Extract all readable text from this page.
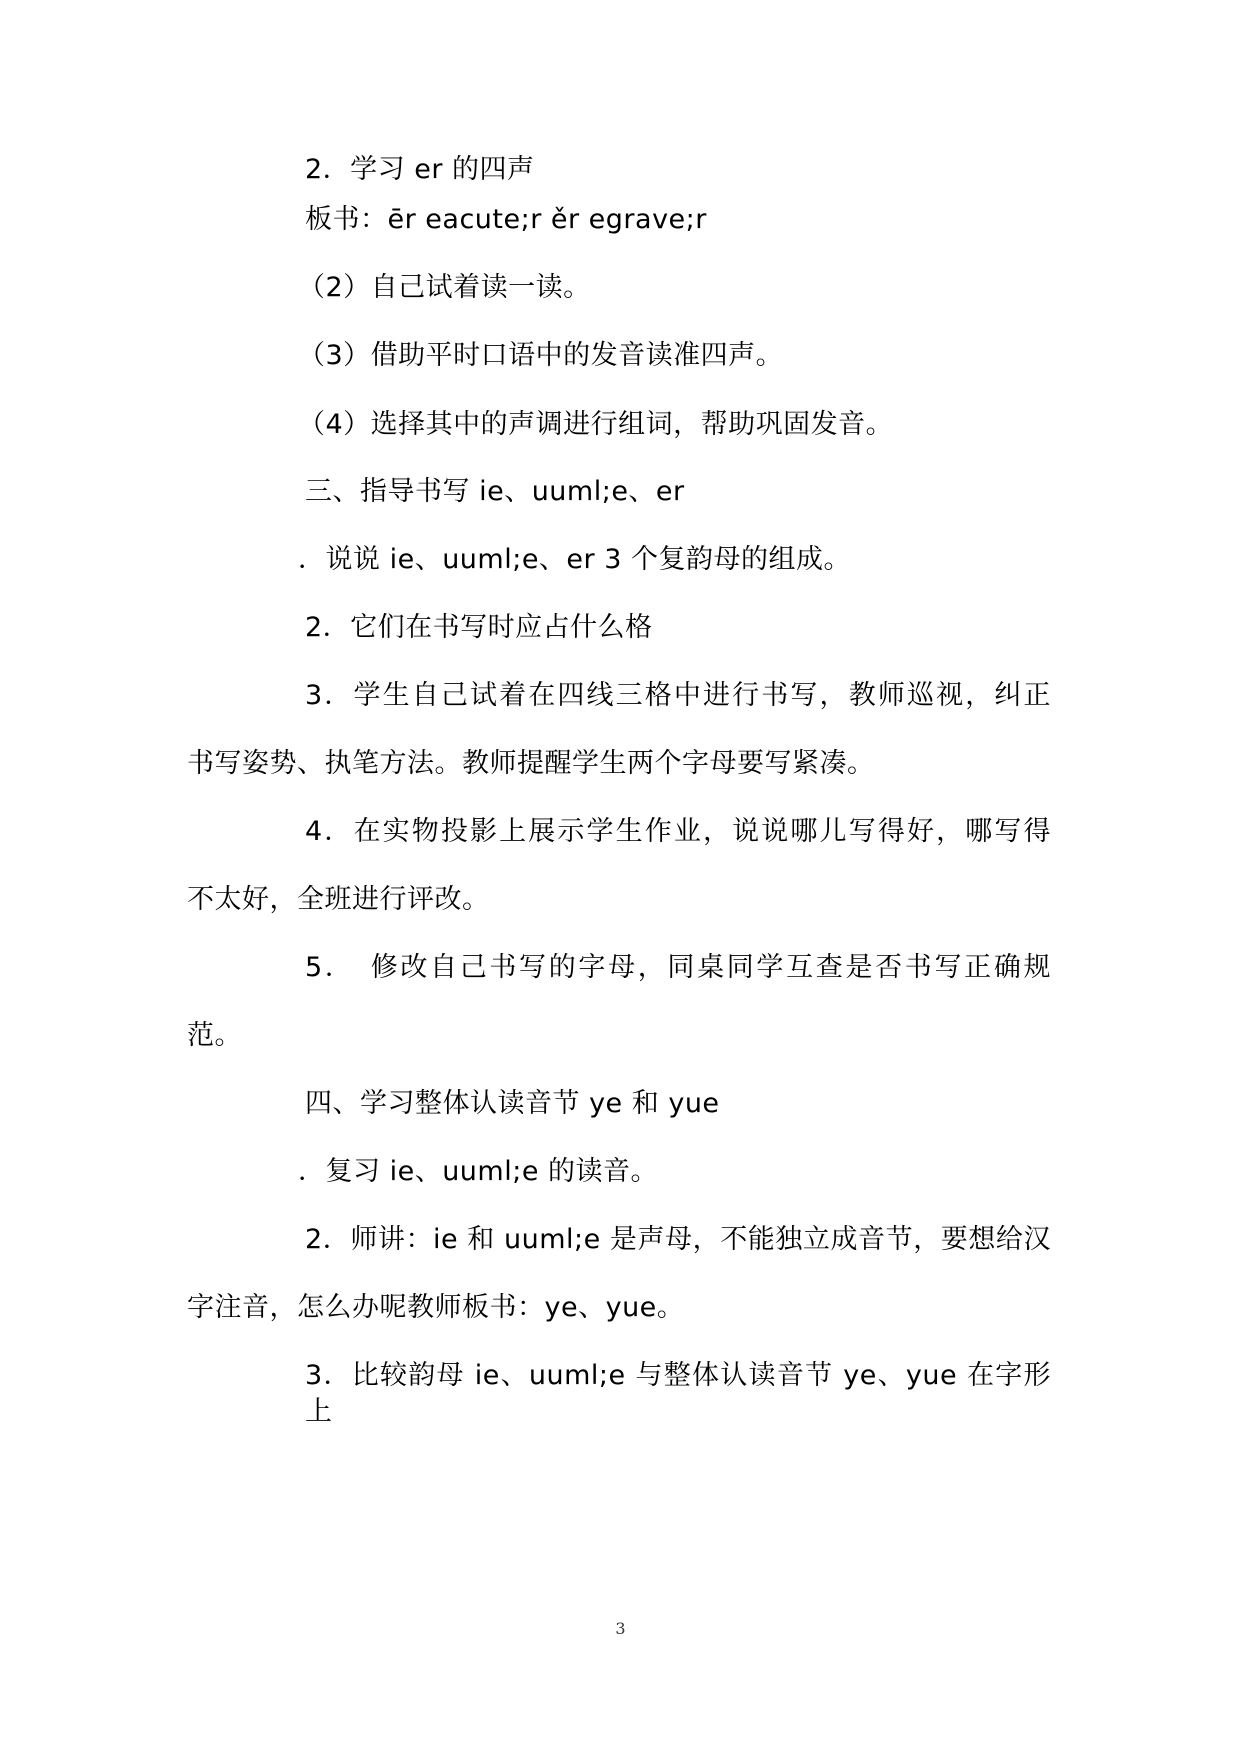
2．学习 er 的四声
板书：ēr eacute;r ěr egrave;r
（2）自己试着读一读。
（3）借助平时口语中的发音读准四声。
（4）选择其中的声调进行组词，帮助巩固发音。
三、指导书写 ie、uuml;e、er
．说说 ie、uuml;e、er 3 个复韵母的组成。
2．它们在书写时应占什么格
3．学生自己试着在四线三格中进行书写，教师巡视，纠正
书写姿势、执笔方法。教师提醒学生两个字母要写紧凑。
4．在实物投影上展示学生作业，说说哪儿写得好，哪写得
不太好，全班进行评改。
5．　修改自己书写的字母，同桌同学互查是否书写正确规
范。
四、学习整体认读音节 ye 和 yue
．复习 ie、uuml;e 的读音。
2．师讲：ie 和 uuml;e 是声母，不能独立成音节，要想给汉
字注音，怎么办呢教师板书：ye、yue。
3．比较韵母 ie、uuml;e 与整体认读音节 ye、yue 在字形上
3
